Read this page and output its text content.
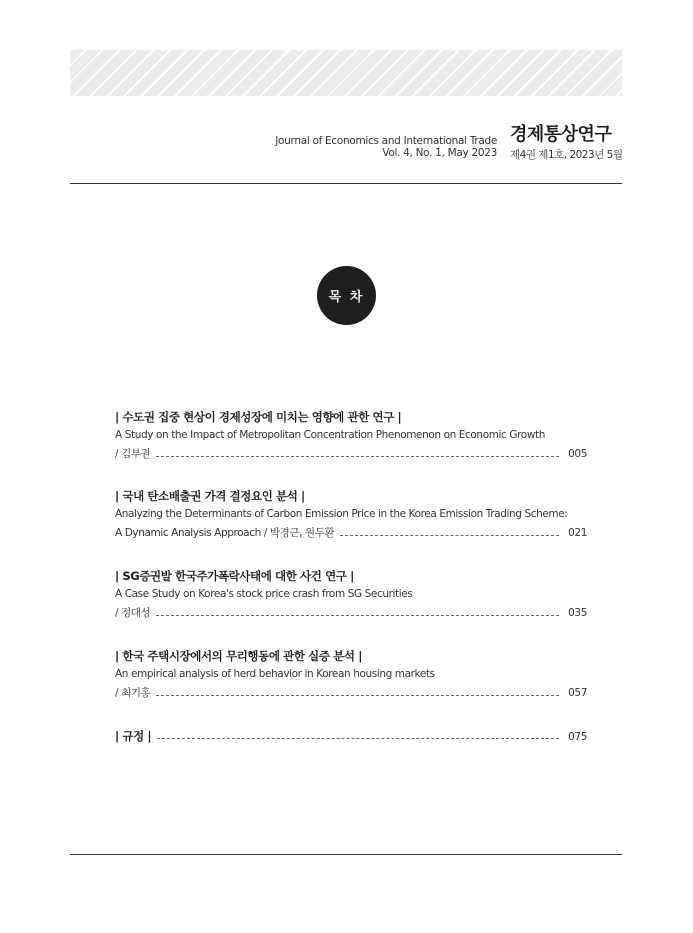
Journal of Economics and International Trade
Vol. 4, No. 1, May 2023
경제통상연구
제4권 제1호, 2023년 5월
목 차
| 수도권 집중 현상이 경제성장에 미치는 영향에 관한 연구 |
A Study on the Impact of Metropolitan Concentration Phenomenon on Economic Growth
/ 김부권	005
| 국내 탄소배출권 가격 결정요인 분석 |
Analyzing the Determinants of Carbon Emission Price in the Korea Emission Trading Scheme:
A Dynamic Analysis Approach / 박경근, 원두환	021
| SG증권발 한국주가폭락사태에 대한 사건 연구 |
A Case Study on Korea's stock price crash from SG Securities
/ 정대성	035
| 한국 주택시장에서의 무리행동에 관한 실증 분석 |
An empirical analysis of herd behavior in Korean housing markets
/ 최기홍	057
| 규정 |	075
